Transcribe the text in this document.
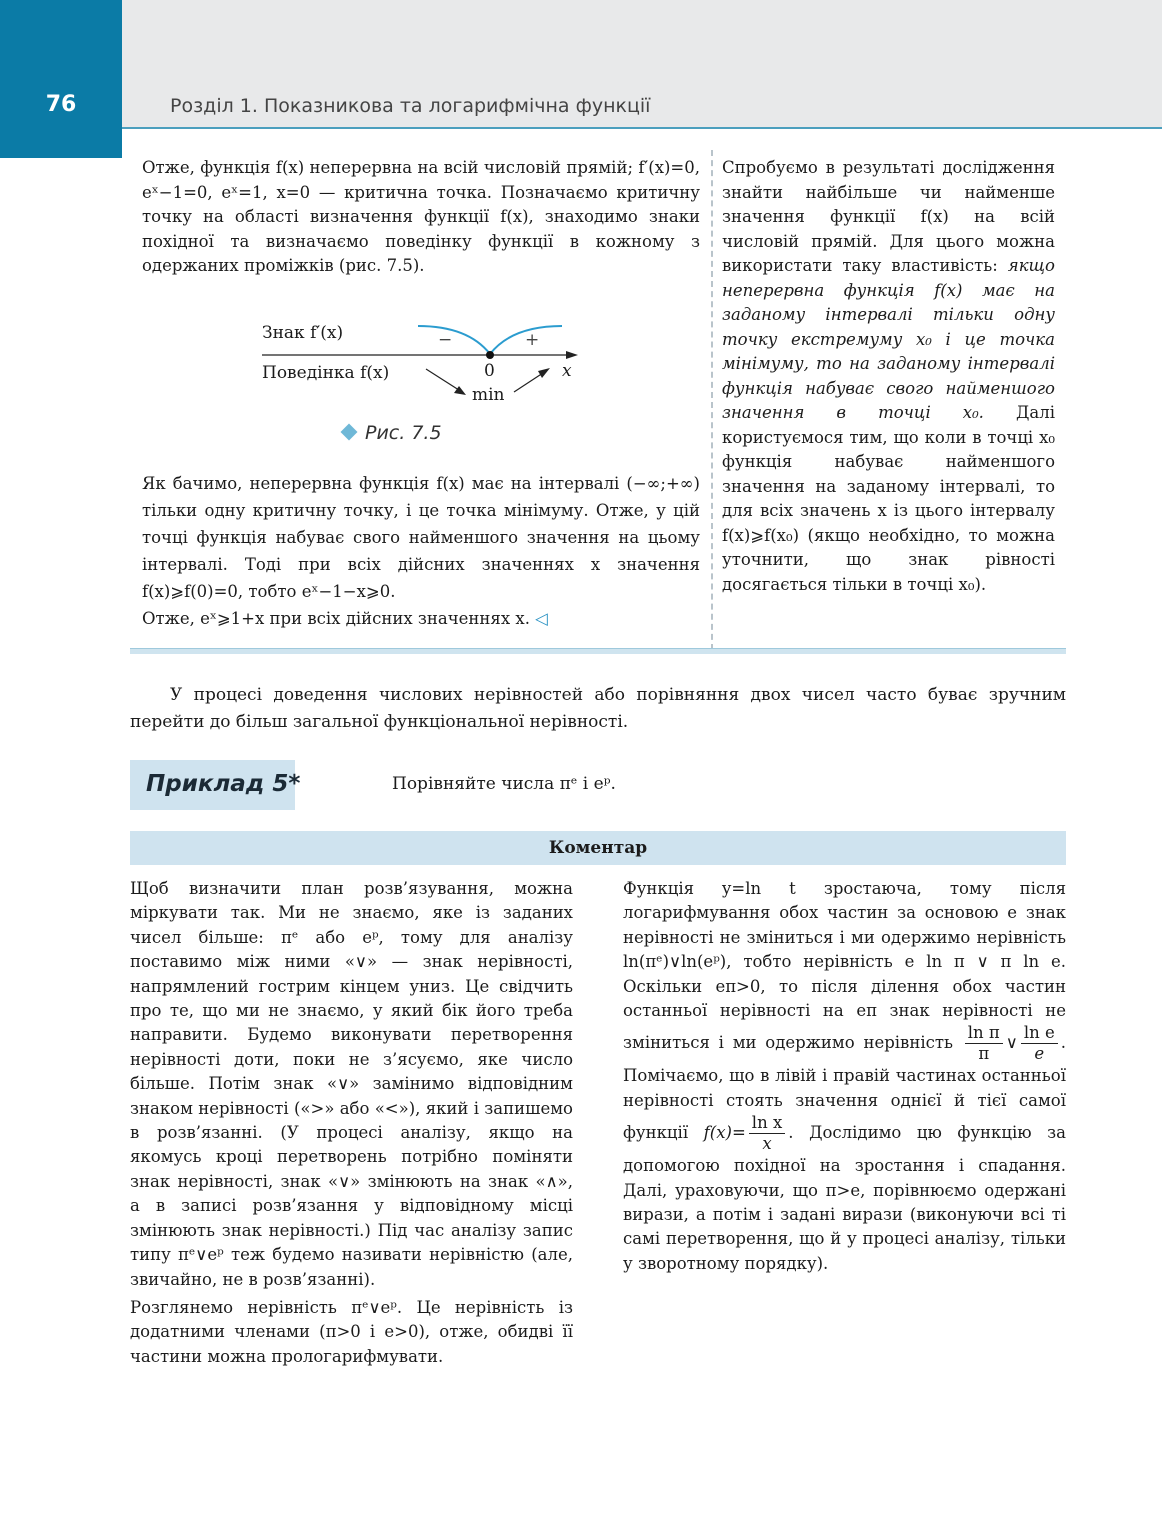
76	Розділ 1. Показникова та логарифмічна функції

Отже, функція f(x) неперервна на всій числовій прямій; f′(x)=0, eˣ−1=0, eˣ=1, x=0 — критична точка. Позначаємо критичну точку на області визначення функції f(x), знаходимо знаки похідної та визначаємо поведінку функції в кожному з одержаних проміжків (рис. 7.5).

Знак f′(x)
Поведінка f(x)
−	+
0	x
min
Рис. 7.5

Як бачимо, неперервна функція f(x) має на інтервалі (−∞;+∞) тільки одну критичну точку, і це точка мінімуму. Отже, у цій точці функція набуває свого найменшого значення на цьому інтервалі. Тоді при всіх дійсних значеннях x значення f(x)⩾f(0)=0, тобто eˣ−1−x⩾0.

Отже, eˣ⩾1+x при всіх дійсних значеннях x. ◁

Спробуємо в результаті дослідження знайти найбільше чи найменше значення функції f(x) на всій числовій прямій. Для цього можна використати таку властивість: якщо неперервна функція f(x) має на заданому інтервалі тільки одну точку екстремуму x₀ і це точка мінімуму, то на заданому інтервалі функція набуває свого найменшого значення в точці x₀. Далі користуємося тим, що коли в точці x₀ функція набуває найменшого значення на заданому інтервалі, то для всіх значень x із цього інтервалу f(x)⩾f(x₀) (якщо необхідно, то можна уточнити, що знак рівності досягається тільки в точці x₀).

У процесі доведення числових нерівностей або порівняння двох чисел часто буває зручним перейти до більш загальної функціональної нерівності.
Приклад 5*	Порівняйте числа πᵉ і eᵖ.
Коментар

Щоб визначити план розв’язування, можна міркувати так. Ми не знаємо, яке із заданих чисел більше: πᵉ або eᵖ, тому для аналізу поставимо між ними «∨» — знак нерівності, напрямлений гострим кінцем униз. Це свідчить про те, що ми не знаємо, у який бік його треба направити. Будемо виконувати перетворення нерівності доти, поки не з’ясуємо, яке число більше. Потім знак «∨» замінимо відповідним знаком нерівності («>» або «<»), який і запишемо в розв’язанні. (У процесі аналізу, якщо на якомусь кроці перетворень потрібно поміняти знак нерівності, знак «∨» змінюють на знак «∧», а в записі розв’язання у відповідному місці змінюють знак нерівності.) Під час аналізу запис типу πᵉ∨eᵖ теж будемо називати нерівністю (але, звичайно, не в розв’язанні).

Розглянемо нерівність πᵉ∨eᵖ. Це нерівність із додатними членами (π>0 і e>0), отже, обидві її частини можна прологарифмувати.

Функція y=ln t зростаюча, тому після логарифмування обох частин за основою e знак нерівності не зміниться і ми одержимо нерівність ln(πᵉ)∨ln(eᵖ), тобто нерівність e ln π ∨ π ln e. Оскільки eπ>0, то після ділення обох частин останньої нерівності на eπ знак нерівності не зміниться і ми одержимо нерівність $\frac{\text{ln π}}{\pi}$ ∨ $\frac{\text{ln e}}{e}$ . Помічаємо, що в лівій і правій частинах останньої нерівності стоять значення однієї й тієї самої функції $f(x)= \frac{\text{ln x}}{x}$ . Дослідимо цю функцію за допомогою похідної на зростання і спадання. Далі, ураховуючи, що π>e, порівнюємо одержані вирази, а потім і задані вирази (виконуючи всі ті самі перетворення, що й у процесі аналізу, тільки у зворотному порядку).
